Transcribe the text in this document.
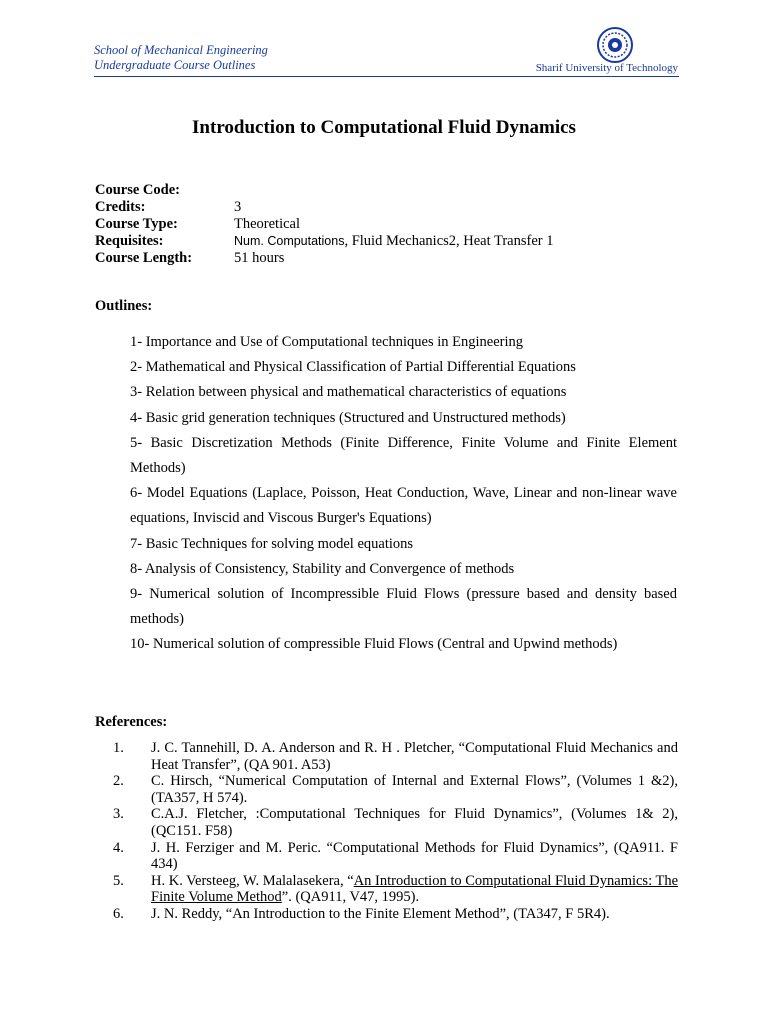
School of Mechanical Engineering
Undergraduate Course Outlines	Sharif University of Technology
Introduction to Computational Fluid Dynamics
Course Code:
Credits:	3
Course Type:	Theoretical
Requisites:	Num. Computations, Fluid Mechanics2, Heat Transfer 1
Course Length:	51 hours
Outlines:
1- Importance and Use of Computational techniques in Engineering
2- Mathematical and Physical Classification of Partial Differential Equations
3- Relation between physical and mathematical characteristics of equations
4- Basic grid generation techniques (Structured and Unstructured methods)
5- Basic Discretization Methods (Finite Difference, Finite Volume and Finite Element Methods)
6- Model Equations (Laplace, Poisson, Heat Conduction, Wave, Linear and non-linear wave equations, Inviscid and Viscous Burger's Equations)
7- Basic Techniques for solving model equations
8- Analysis of Consistency, Stability and Convergence of methods
9- Numerical solution of Incompressible Fluid Flows (pressure based and density based methods)
10- Numerical solution of compressible Fluid Flows (Central and Upwind methods)
References:
1.	J. C. Tannehill, D. A. Anderson and R. H . Pletcher, “Computational Fluid Mechanics and Heat Transfer”, (QA 901. A53)
2.	C. Hirsch, “Numerical Computation of Internal and External Flows”, (Volumes 1 &2), (TA357, H 574).
3.	C.A.J. Fletcher, :Computational Techniques for Fluid Dynamics”, (Volumes 1& 2), (QC151. F58)
4.	J. H. Ferziger and M. Peric. “Computational Methods for Fluid Dynamics”, (QA911. F 434)
5.	H. K. Versteeg, W. Malalasekera, “An Introduction to Computational Fluid Dynamics: The Finite Volume Method”. (QA911, V47, 1995).
6.	J. N. Reddy, “An Introduction to the Finite Element Method”, (TA347, F 5R4).
